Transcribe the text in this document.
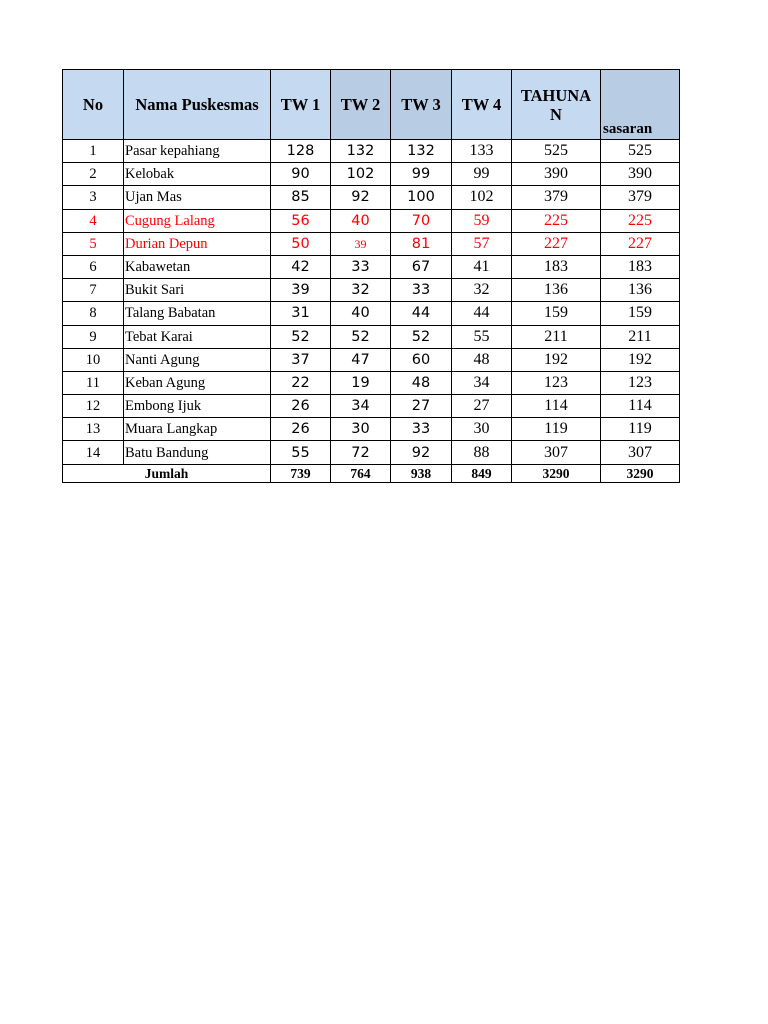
No	Nama Puskesmas	TW 1	TW 2	TW 3	TW 4	TAHUNAN	sasaran
1	Pasar kepahiang	128	132	132	133	525	525
2	Kelobak	90	102	99	99	390	390
3	Ujan Mas	85	92	100	102	379	379
4	Cugung Lalang	56	40	70	59	225	225
5	Durian Depun	50	39	81	57	227	227
6	Kabawetan	42	33	67	41	183	183
7	Bukit Sari	39	32	33	32	136	136
8	Talang Babatan	31	40	44	44	159	159
9	Tebat Karai	52	52	52	55	211	211
10	Nanti Agung	37	47	60	48	192	192
11	Keban Agung	22	19	48	34	123	123
12	Embong Ijuk	26	34	27	27	114	114
13	Muara Langkap	26	30	33	30	119	119
14	Batu Bandung	55	72	92	88	307	307
Jumlah		739	764	938	849	3290	3290
